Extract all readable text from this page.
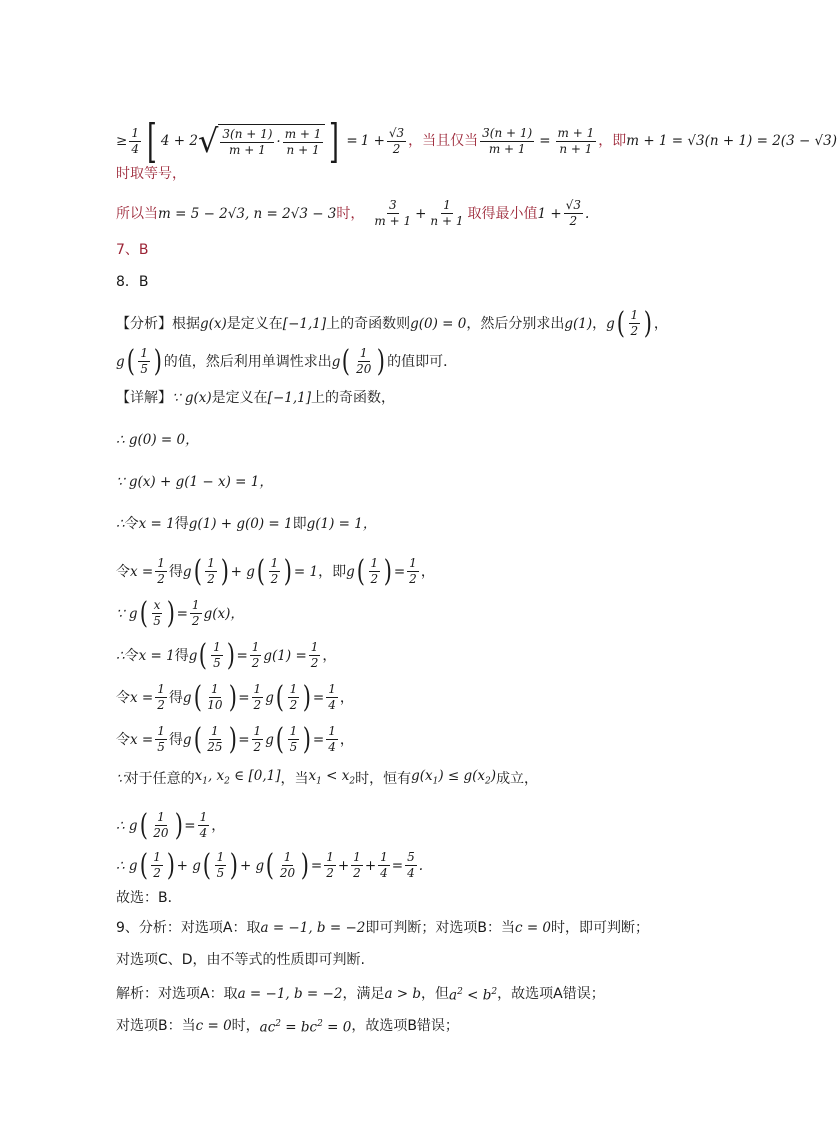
≥ $\frac{1}{4}$ [ 4 + 2 √ $\frac{3(n + 1)}{m + 1} \cdot \frac{m + 1}{n + 1}$ ] = $1 + \frac{√3}{2}$ ，当且仅当 $\frac{3(n + 1)}{m + 1} = \frac{m + 1}{n + 1}$ ，即 m + 1 = √3(n + 1) = 2(3 − √3)
时取等号，
所以当 m = 5 − 2√3, n = 2√3 − 3 时， $\frac{3}{m + 1} + \frac{1}{n + 1}$ 取得最小值 $1 + \frac{√3}{2}$ .
7、B
8．B
【分析】根据 g(x) 是定义在 [−1,1] 上的奇函数则 g(0) = 0 ，然后分别求出 g(1) ， g ( $\frac{1}{2}$ ) ，
g ( $\frac{1}{5}$ ) 的值，然后利用单调性求出 g ( $\frac{1}{20}$ ) 的值即可．
【详解】 ∵ g(x) 是定义在 [−1,1] 上的奇函数，
∴ g(0) = 0，
∵ g(x) + g(1 − x) = 1，
∴ 令 x = 1 得 g(1) + g(0) = 1 即 g(1) = 1，
令 $x = \frac{1}{2}$ 得 g ( $\frac{1}{2}$ ) + g ( $\frac{1}{2}$ ) = 1 ， 即 g ( $\frac{1}{2}$ ) = $\frac{1}{2}$ ，
∵ g ( $\frac{x}{5}$ ) = $\frac{1}{2} g(x)$，
∴ 令 x = 1 得 g ( $\frac{1}{5}$ ) = $\frac{1}{2} g(1) = \frac{1}{2}$ ，
令 $x = \frac{1}{2}$ 得 g ( $\frac{1}{10}$ ) = $\frac{1}{2}$ g ( $\frac{1}{2}$ ) = $\frac{1}{4}$ ，
令 $x = \frac{1}{5}$ 得 g ( $\frac{1}{25}$ ) = $\frac{1}{2}$ g ( $\frac{1}{5}$ ) = $\frac{1}{4}$ ，
∵ 对于任意的 $x_1$, $x_2$ ∈ [0,1] ，当 $x_1 < x_2$ 时，恒有 $g(x_1) \le g(x_2)$ 成立，
∴ g ( $\frac{1}{20}$ ) = $\frac{1}{4}$ ，
∴ g ( $\frac{1}{2}$ ) + g ( $\frac{1}{5}$ ) + g ( $\frac{1}{20}$ ) = $\frac{1}{2} + \frac{1}{2} + \frac{1}{4} = \frac{5}{4}$ .
故选：B．
9、分析：对选项A：取 a = −1, b = −2 即可判断；对选项B：当 c = 0 时，即可判断；
对选项C、D，由不等式的性质即可判断.
解析：对选项A：取 a = −1, b = −2 ，满足 a > b ，但 $a^2 < b^2$ ，故选项A错误；
对选项B：当 c = 0 时， $ac^2 = bc^2 = 0$ ，故选项B错误；
